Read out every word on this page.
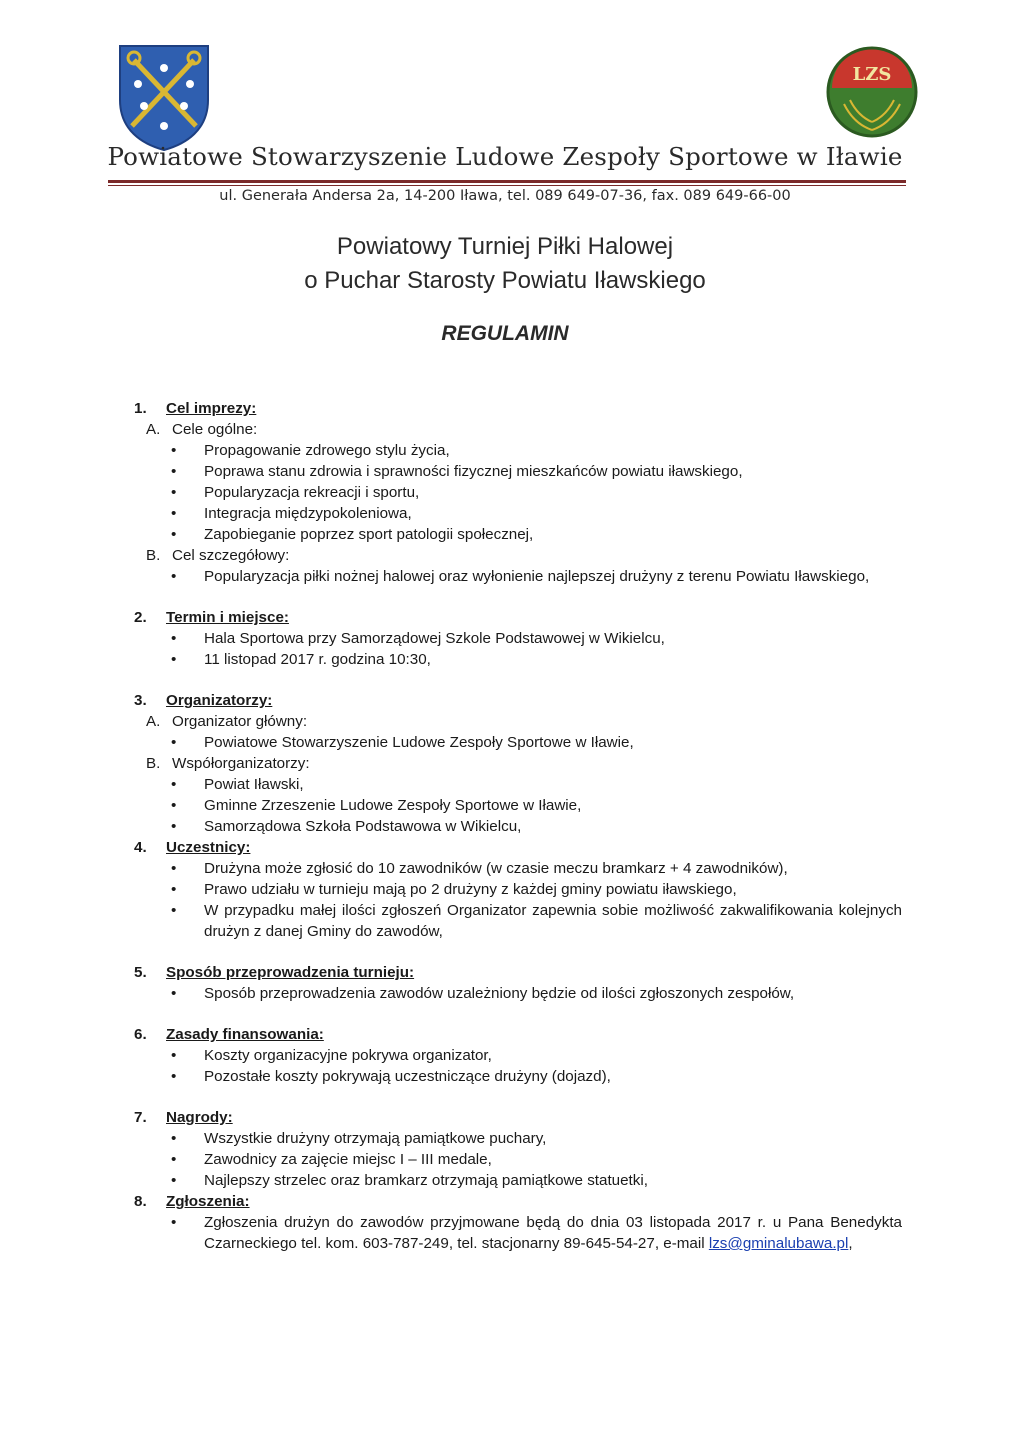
LZS
Powiatowe Stowarzyszenie Ludowe Zespoły Sportowe w Iławie
ul. Generała Andersa 2a, 14-200 Iława, tel. 089 649-07-36, fax. 089 649-66-00
Powiatowy Turniej Piłki Halowej
o Puchar Starosty Powiatu Iławskiego
REGULAMIN
1. Cel imprezy:
A. Cele ogólne:
• Propagowanie zdrowego stylu życia,
• Poprawa stanu zdrowia i sprawności fizycznej mieszkańców powiatu iławskiego,
• Popularyzacja rekreacji i sportu,
• Integracja międzypokoleniowa,
• Zapobieganie poprzez sport patologii społecznej,
B. Cel szczegółowy:
• Popularyzacja piłki nożnej halowej oraz wyłonienie najlepszej drużyny z terenu Powiatu Iławskiego,
2. Termin i miejsce:
• Hala Sportowa przy Samorządowej Szkole Podstawowej w Wikielcu,
• 11 listopad 2017 r. godzina 10:30,
3. Organizatorzy:
A. Organizator główny:
• Powiatowe Stowarzyszenie Ludowe Zespoły Sportowe w Iławie,
B. Współorganizatorzy:
• Powiat Iławski,
• Gminne Zrzeszenie Ludowe Zespoły Sportowe w Iławie,
• Samorządowa Szkoła Podstawowa w Wikielcu,
4. Uczestnicy:
• Drużyna może zgłosić do 10 zawodników (w czasie meczu bramkarz + 4 zawodników),
• Prawo udziału w turnieju mają po 2 drużyny z każdej gminy powiatu iławskiego,
• W przypadku małej ilości zgłoszeń Organizator zapewnia sobie możliwość zakwalifikowania kolejnych drużyn z danej Gminy do zawodów,
5. Sposób przeprowadzenia turnieju:
• Sposób przeprowadzenia zawodów uzależniony będzie od ilości zgłoszonych zespołów,
6. Zasady finansowania:
• Koszty organizacyjne pokrywa organizator,
• Pozostałe koszty pokrywają uczestniczące drużyny (dojazd),
7. Nagrody:
• Wszystkie drużyny otrzymają pamiątkowe puchary,
• Zawodnicy za zajęcie miejsc I – III medale,
• Najlepszy strzelec oraz bramkarz otrzymają pamiątkowe statuetki,
8. Zgłoszenia:
• Zgłoszenia drużyn do zawodów przyjmowane będą do dnia 03 listopada 2017 r. u Pana Benedykta Czarneckiego tel. kom. 603-787-249, tel. stacjonarny 89-645-54-27, e-mail lzs@gminalubawa.pl,
